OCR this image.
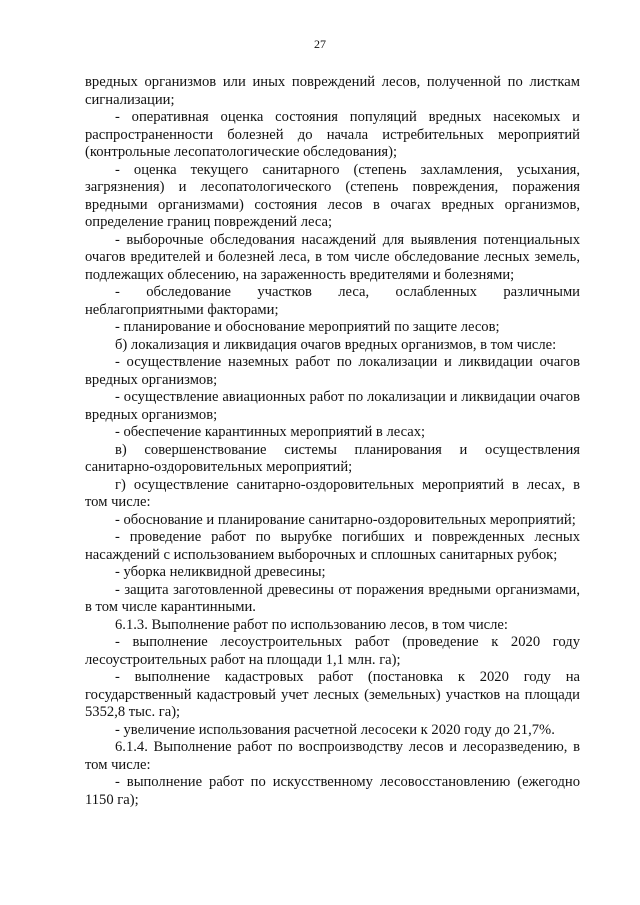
27

вредных организмов или иных повреждений лесов, полученной по листкам сигнализации;

- оперативная оценка состояния популяций вредных насекомых и распространенности болезней до начала истребительных мероприятий (контрольные лесопатологические обследования);

- оценка текущего санитарного (степень захламления, усыхания, загрязнения) и лесопатологического (степень повреждения, поражения вредными организмами) состояния лесов в очагах вредных организмов, определение границ повреждений леса;

- выборочные обследования насаждений для выявления потенциальных очагов вредителей и болезней леса, в том числе обследование лесных земель, подлежащих облесению, на зараженность вредителями и болезнями;

- обследование участков леса, ослабленных различными неблагоприятными факторами;

- планирование и обоснование мероприятий по защите лесов;

б) локализация и ликвидация очагов вредных организмов, в том числе:

- осуществление наземных работ по локализации и ликвидации очагов вредных организмов;

- осуществление авиационных работ по локализации и ликвидации очагов вредных организмов;

- обеспечение карантинных мероприятий в лесах;

в) совершенствование системы планирования и осуществления санитарно-оздоровительных мероприятий;

г) осуществление санитарно-оздоровительных мероприятий в лесах, в том числе:

- обоснование и планирование санитарно-оздоровительных мероприятий;

- проведение работ по вырубке погибших и поврежденных лесных насаждений с использованием выборочных и сплошных санитарных рубок;

- уборка неликвидной древесины;

- защита заготовленной древесины от поражения вредными организмами, в том числе карантинными.

6.1.3. Выполнение работ по использованию лесов, в том числе:

- выполнение лесоустроительных работ (проведение к 2020 году лесоустроительных работ на площади 1,1 млн. га);

- выполнение кадастровых работ (постановка к 2020 году на государственный кадастровый учет лесных (земельных) участков на площади 5352,8 тыс. га);

- увеличение использования расчетной лесосеки к 2020 году до 21,7%.

6.1.4. Выполнение работ по воспроизводству лесов и лесоразведению, в том числе:

- выполнение работ по искусственному лесовосстановлению (ежегодно 1150 га);
